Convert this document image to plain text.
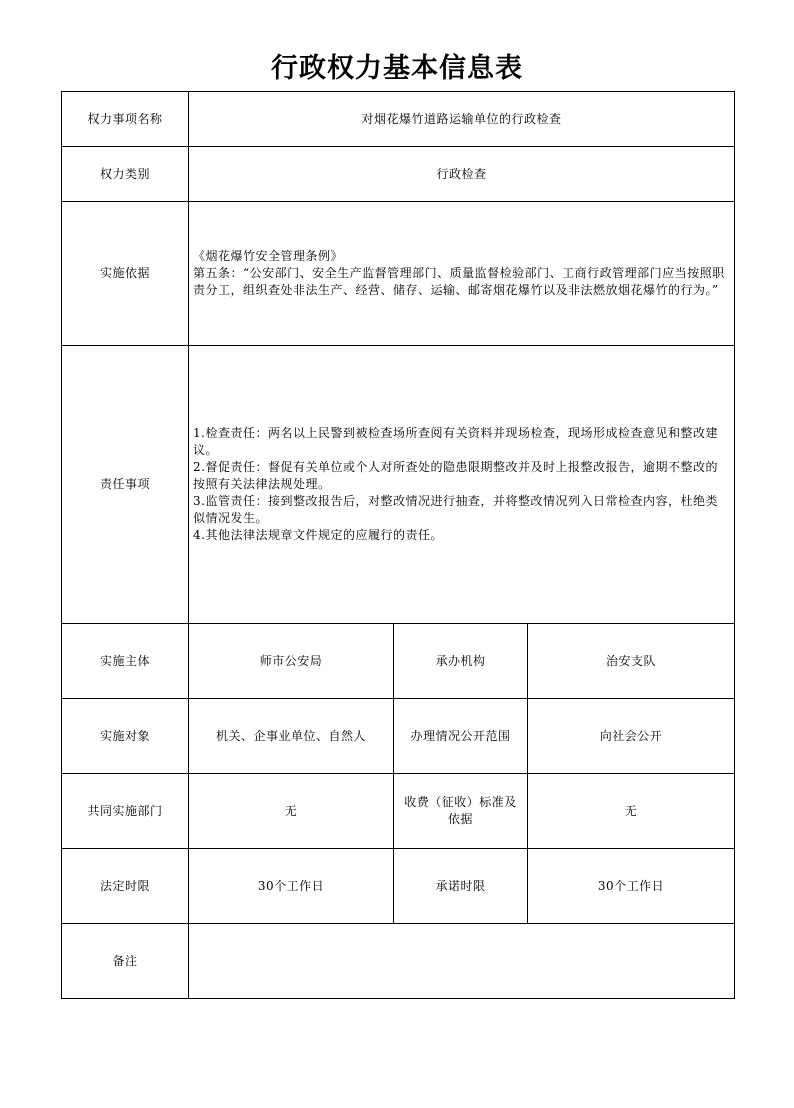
行政权力基本信息表
权力事项名称	对烟花爆竹道路运输单位的行政检查		
权力类别	行政检查		
实施依据	《烟花爆竹安全管理条例》
第五条：“公安部门、安全生产监督管理部门、质量监督检验部门、工商行政管理部门应当按照职责分工，组织查处非法生产、经营、储存、运输、邮寄烟花爆竹以及非法燃放烟花爆竹的行为。”		

责任事项	1.检查责任：两名以上民警到被检查场所查阅有关资料并现场检查，现场形成检查意见和整改建议。
2.督促责任：督促有关单位或个人对所查处的隐患限期整改并及时上报整改报告，逾期不整改的按照有关法律法规处理。
3.监管责任：接到整改报告后，对整改情况进行抽查，并将整改情况列入日常检查内容，杜绝类似情况发生。
4.其他法律法规章文件规定的应履行的责任。		

实施主体	师市公安局	承办机构	治安支队
实施对象	机关、企事业单位、自然人	办理情况公开范围	向社会公开
共同实施部门	无	收费（征收）标准及依据	无
法定时限	30个工作日	承诺时限	30个工作日
备注			
